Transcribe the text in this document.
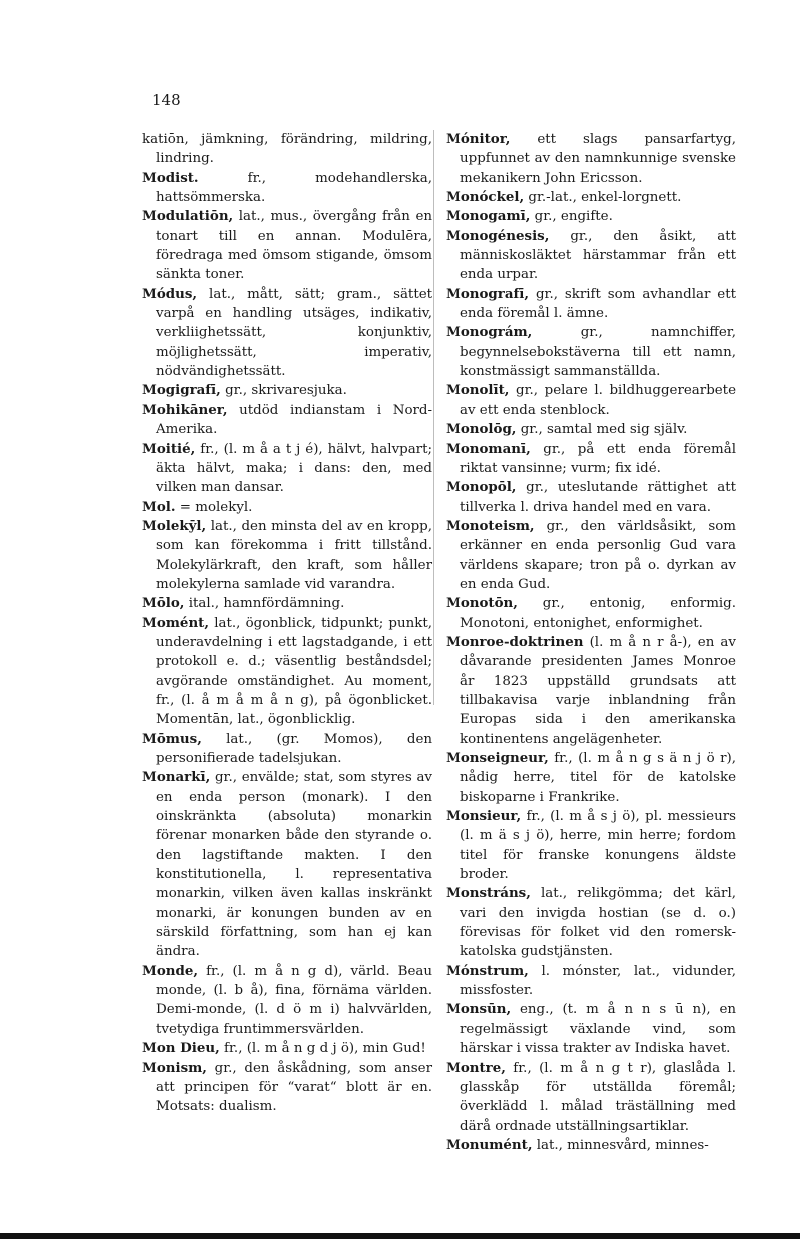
148

katiōn, jämkning, förändring, mildring, lindring.

Modist.	fr., modehandlerska, hattsömmerska.

Modulatiōn, lat., mus., övergång från en tonart till en annan. Modulēra, föredraga med ömsom stigande, ömsom sänkta toner.

Módus, lat., mått, sätt; gram., sättet varpå en handling utsäges, indikativ, verkliighetssätt, konjunktiv, möjlighetssätt, imperativ, nödvändighetssätt.

Mogigrafī, gr., skrivaresjuka.

Mohikāner, utdöd indianstam i Nord-Amerika.

Moitié, fr., (l. m å a t j é), hälvt, halvpart; äkta hälvt, maka; i dans: den, med vilken man dansar.

Mol. = molekyl.

Molekȳl, lat., den minsta del av en kropp, som kan förekomma i fritt tillstånd. Molekylärkraft, den kraft, som håller molekylerna samlade vid varandra.

Mōlo, ital., hamnfördämning.

Momént, lat., ögonblick, tidpunkt; punkt, underavdelning i ett lagstadgande, i ett protokoll e. d.; väsentlig beståndsdel; avgörande omständighet. Au moment, fr., (l. å m å m å n g), på ögonblicket. Momentān, lat., ögonblicklig.

Mōmus, lat., (gr. Momos), den personifierade tadelsjukan.

Monarkī, gr., envälde; stat, som styres av en enda person (monark). I den oinskränkta (absoluta) monarkin förenar monarken både den styrande o. den lagstiftande makten. I den konstitutionella, l. representativa monarkin, vilken även kallas inskränkt monarki, är konungen bunden av en särskild författning, som han ej kan ändra.

Monde, fr., (l. m å n g d), värld. Beau monde, (l. b å), fina, förnäma världen. Demi-monde, (l. d ö m i) halvvärlden, tvetydiga fruntimmersvärlden.

Mon Dieu, fr., (l. m å n g d j ö), min Gud!

Monism, gr., den åskådning, som anser att principen för “varat“ blott är en. Motsats: dualism.

Mónitor, ett slags pansarfartyg, uppfunnet av den namnkunnige svenske mekanikern John Ericsson.

Monóckel, gr.-lat., enkel-lorgnett.

Monogamī, gr., engifte.

Monogénesis, gr., den åsikt, att människosläktet härstammar från ett enda urpar.

Monografī, gr., skrift som avhandlar ett enda föremål l. ämne.

Monográm,	gr., namnchiffer, begynnelsebokstäverna till ett namn, konstmässigt sammanställda.

Monolīt, gr., pelare l. bildhuggerearbete av ett enda stenblock.

Monolōg, gr., samtal med sig själv.

Monomanī, gr., på ett enda föremål riktat vansinne; vurm; fix idé.

Monopōl, gr., uteslutande rättighet att tillverka l. driva handel med en vara.

Monoteism, gr., den världsåsikt, som erkänner en enda personlig Gud vara världens skapare; tron på o. dyrkan av en enda Gud.

Monotōn, gr., entonig, enformig. Monotoni, entonighet, enformighet.

Monroe-doktrinen (l. m å n r å-), en av dåvarande presidenten James Monroe år 1823 uppställd grundsats att tillbakavisa varje inblandning från Europas sida i den amerikanska kontinentens angelägenheter.

Monseigneur, fr., (l. m å n g s ä n j ö r), nådig herre, titel för de katolske biskoparne i Frankrike.

Monsieur, fr., (l. m å s j ö), pl. messieurs (l. m ä s j ö), herre, min herre; fordom titel för franske konungens äldste broder.

Monstráns, lat., relikgömma; det kärl, vari den invigda hostian (se d. o.) förevisas för folket vid den romersk-katolska gudstjänsten.

Mónstrum, l. mónster, lat., vidunder, missfoster.

Monsūn, eng., (t. m å n n s ū n), en regelmässigt växlande vind, som härskar i vissa trakter av Indiska havet.

Montre, fr., (l. m å n g t r), glaslåda l. glasskåp för utställda föremål; överklädd l. målad träställning med därå ordnade utställningsartiklar.

Monumént, lat., minnesvård, minnes-
